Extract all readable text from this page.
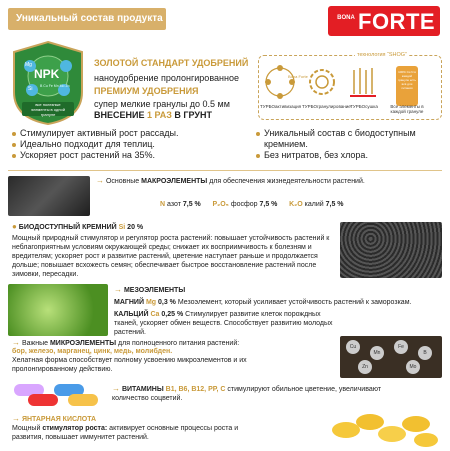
Уникальный состав продукта	BONA FORTE
NPK
Mg
Si
все полезные элементы в одной грануле
B Cu Fe Mn Mo Zn
ЗОЛОТОЙ СТАНДАРТ УДОБРЕНИЙ
наноудобрение пролонгированное
ПРЕМИУМ УДОБРЕНИЯ
супер мелкие гранулы до 0.5 мм
ВНЕСЕНИЕ 1 РАЗ В ГРУНТ
технология “SHOG”
Bona Forte
ТУРБОактивизация ТУРБОгранулирование ТУРБОсушка
100% Си N в каждой грануле есть всё для питания
Все элементы в каждой грануле
Стимулирует активный рост рассады.
Идеально подходит для теплиц.
Ускоряет рост растений на 35%.
Уникальный состав с биодоступным кремнием.
Без нитратов, без хлора.
→ Основные МАКРОЭЛЕМЕНТЫ для обеспечения жизнедеятельности растений.
N азот 7,5 % P₂O₅ фосфор 7,5 % K₂O калий 7,5 %
● БИОДОСТУПНЫЙ КРЕМНИЙ Si 20 %
Мощный природный стимулятор и регулятор роста растений: повышает устойчивость растений к неблагоприятным условиям окружающей среды; снижает их восприимчивость к болезням и вредителям; ускоряет рост и развитие растений, цветение наступает раньше и продолжается дольше; повышает всхожесть семян; обеспечивает быстрое восстановление растений после зимовки, пересадки.
→ МЕЗОЭЛЕМЕНТЫ
МАГНИЙ Mg 0,3 % Мезоэлемент, который усиливает устойчивость растений к заморозкам.
КАЛЬЦИЙ Ca 0,25 % Стимулирует развитие клеток порождных тканей, ускоряет обмен веществ. Способствует развитию молодых растений.
→ Важные МИКРОЭЛЕМЕНТЫ для полноценного питания растений:
бор, железо, марганец, цинк, медь, молибден.
Хелатная форма способствует полному усвоению микроэлементов и их пролонгированному действию.
Cu
Mn
Fe
B
Zn	Mo
→ ВИТАМИНЫ B1, B6, B12, PP, C стимулируют обильное цветение, увеличивают количество соцветий.
→ ЯНТАРНАЯ КИСЛОТА
Мощный стимулятор роста: активирует основные процессы роста и развития, повышает иммунитет растений.
